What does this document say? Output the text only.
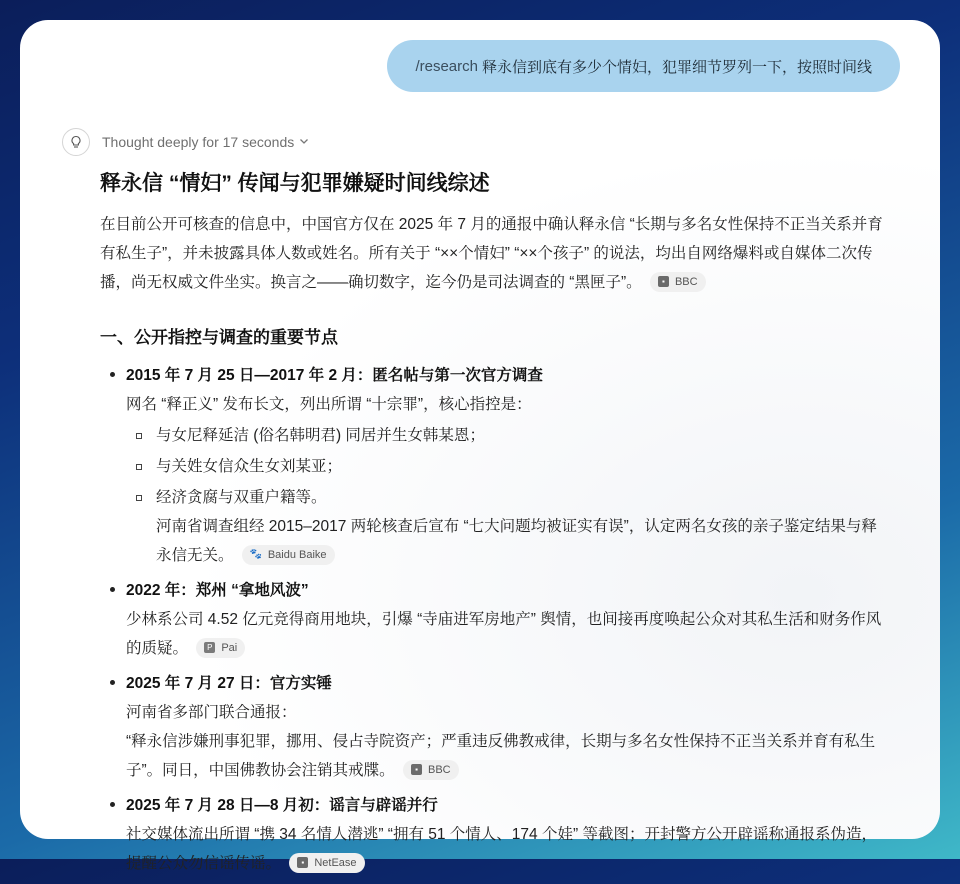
/research 释永信到底有多少个情妇，犯罪细节罗列一下，按照时间线
Thought deeply for 17 seconds
释永信 “情妇” 传闻与犯罪嫌疑时间线综述

在目前公开可核查的信息中，中国官方仅在 2025 年 7 月的通报中确认释永信 “长期与多名女性保持不正当关系并育有私生子”，并未披露具体人数或姓名。所有关于 “××个情妇” “××个孩子” 的说法，均出自网络爆料或自媒体二次传播，尚无权威文件坐实。换言之——确切数字，迄今仍是司法调查的 “黑匣子”。	▪ BBC

一、公开指控与调查的重要节点
2015 年 7 月 25 日—2017 年 2 月：匿名帖与第一次官方调查
网名 “释正义” 发布长文，列出所谓 “十宗罪”，核心指控是：
与女尼释延洁 (俗名韩明君) 同居并生女韩某恩；
与关姓女信众生女刘某亚；
经济贪腐与双重户籍等。
河南省调查组经 2015–2017 两轮核查后宣布 “七大问题均被证实有误”，认定两名女孩的亲子鉴定结果与释永信无关。 🐾 Baidu Baike
2022 年：郑州 “拿地风波”
少林系公司 4.52 亿元竞得商用地块，引爆 “寺庙进军房地产” 舆情，也间接再度唤起公众对其私生活和财务作风的质疑。	P Pai
2025 年 7 月 27 日：官方实锤
河南省多部门联合通报：
“释永信涉嫌刑事犯罪，挪用、侵占寺院资产；严重违反佛教戒律，长期与多名女性保持不正当关系并育有私生子”。同日，中国佛教协会注销其戒牒。	▪ BBC
2025 年 7 月 28 日—8 月初：谣言与辟谣并行
社交媒体流出所谓 “携 34 名情人潜逃” “拥有 51 个情人、174 个娃” 等截图；开封警方公开辟谣称通报系伪造，提醒公众勿信谣传谣。	▪ NetEase
